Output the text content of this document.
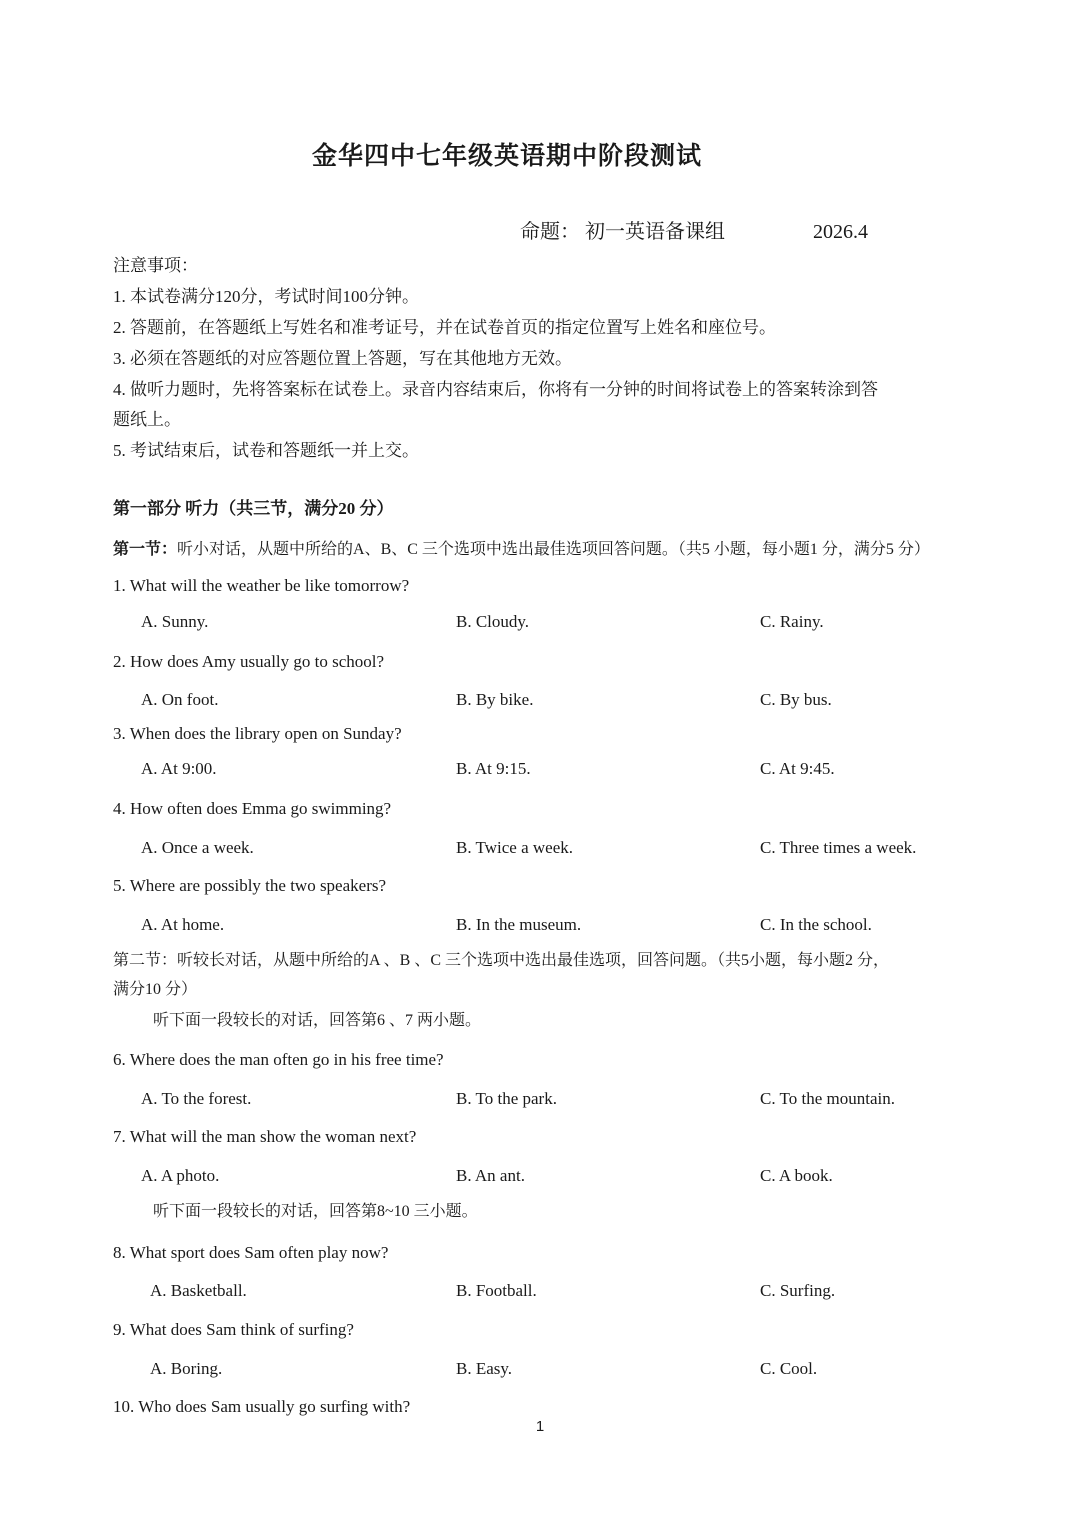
金华四中七年级英语期中阶段测试
命题： 初一英语备课组	2026.4
注意事项：
1. 本试卷满分120分，考试时间100分钟。
2. 答题前，在答题纸上写姓名和准考证号，并在试卷首页的指定位置写上姓名和座位号。
3. 必须在答题纸的对应答题位置上答题，写在其他地方无效。
4. 做听力题时，先将答案标在试卷上。录音内容结束后，你将有一分钟的时间将试卷上的答案转涂到答
题纸上。
5. 考试结束后，试卷和答题纸一并上交。
第一部分 听力（共三节，满分20 分）
第一节：听小对话，从题中所给的A、B、C 三个选项中选出最佳选项回答问题。（共5 小题，每小题1 分，满分5 分）
1. What will the weather be like tomorrow?
A. Sunny.	B. Cloudy.	C. Rainy.
2. How does Amy usually go to school?
A. On foot.	B. By bike.	C. By bus.
3. When does the library open on Sunday?
A. At 9:00.	B. At 9:15.	C. At 9:45.
4. How often does Emma go swimming?
A. Once a week.	B. Twice a week.	C. Three times a week.
5. Where are possibly the two speakers?
A. At home.	B. In the museum.	C. In the school.
第二节：听较长对话，从题中所给的A 、B 、C 三个选项中选出最佳选项，回答问题。（共5小题，每小题2 分，
满分10 分）
听下面一段较长的对话，回答第6 、7 两小题。
6. Where does the man often go in his free time?
A. To the forest.	B. To the park.	C. To the mountain.
7. What will the man show the woman next?
A. A photo.	B. An ant.	C. A book.
听下面一段较长的对话，回答第8~10 三小题。
8. What sport does Sam often play now?
A. Basketball.	B. Football.	C. Surfing.
9. What does Sam think of surfing?
A. Boring.	B. Easy.	C. Cool.
10. Who does Sam usually go surfing with?
1
